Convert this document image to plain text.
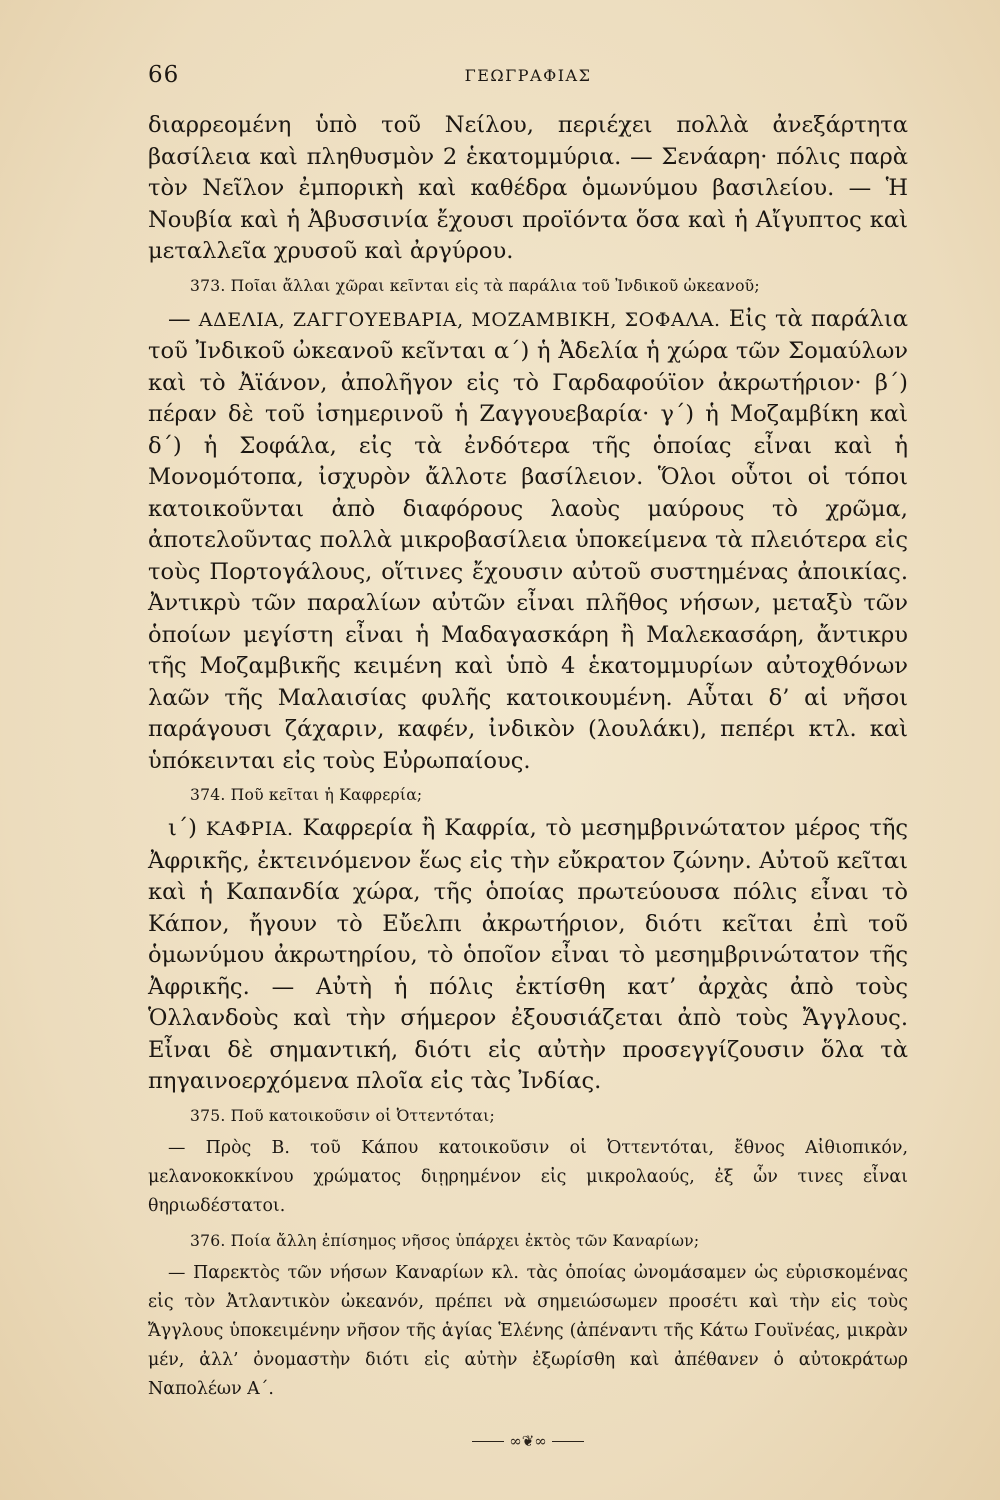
66	ΓΕΩΓΡΑΦΙΑΣ

διαρρεομένη ὑπὸ τοῦ Νείλου, περιέχει πολλὰ ἀνεξάρτητα βασίλεια καὶ πληθυσμὸν 2 ἑκατομμύρια. — Σενάαρη· πόλις παρὰ τὸν Νεῖλον ἐμπορικὴ καὶ καθέδρα ὁμωνύμου βασιλείου. — Ἡ Νουβία καὶ ἡ Ἀβυσσινία ἔχουσι προϊόντα ὅσα καὶ ἡ Αἴγυπτος καὶ μεταλλεῖα χρυσοῦ καὶ ἀργύρου.

373. Ποῖαι ἄλλαι χῶραι κεῖνται εἰς τὰ παράλια τοῦ Ἰνδικοῦ ὠκεανοῦ;

— ΑΔΕΛΙΑ, ΖΑΓΓΟΥΕΒΑΡΙΑ, ΜΟΖΑΜΒΙΚΗ, ΣΟΦΑΛΑ. Εἰς τὰ παράλια τοῦ Ἰνδικοῦ ὠκεανοῦ κεῖνται α΄) ἡ Ἀδελία ἡ χώρα τῶν Σομαύλων καὶ τὸ Ἀϊάνον, ἀπολῆγον εἰς τὸ Γαρδαφούϊον ἀκρωτήριον· β΄) πέραν δὲ τοῦ ἰσημερινοῦ ἡ Ζαγγουεβαρία· γ΄) ἡ Μοζαμβίκη καὶ δ΄) ἡ Σοφάλα, εἰς τὰ ἐνδότερα τῆς ὁποίας εἶναι καὶ ἡ Μονομότοπα, ἰσχυρὸν ἄλλοτε βασίλειον. Ὅλοι οὗτοι οἱ τόποι κατοικοῦνται ἀπὸ διαφόρους λαοὺς μαύρους τὸ χρῶμα, ἀποτελοῦντας πολλὰ μικροβασίλεια ὑποκείμενα τὰ πλειότερα εἰς τοὺς Πορτογάλους, οἵτινες ἔχουσιν αὐτοῦ συστημένας ἀποικίας. Ἀντικρὺ τῶν παραλίων αὐτῶν εἶναι πλῆθος νήσων, μεταξὺ τῶν ὁποίων μεγίστη εἶναι ἡ Μαδαγασκάρη ἢ Μαλεκασάρη, ἄντικρυ τῆς Μοζαμβικῆς κειμένη καὶ ὑπὸ 4 ἑκατομμυρίων αὐτοχθόνων λαῶν τῆς Μαλαισίας φυλῆς κατοικουμένη. Αὗται δ’ αἱ νῆσοι παράγουσι ζάχαριν, καφέν, ἰνδικὸν (λουλάκι), πεπέρι κτλ. καὶ ὑπόκεινται εἰς τοὺς Εὐρωπαίους.

374. Ποῦ κεῖται ἡ Καφρερία;

ι΄) ΚΑΦΡΙΑ. Καφρερία ἢ Καφρία, τὸ μεσημβρινώτατον μέρος τῆς Ἀφρικῆς, ἐκτεινόμενον ἕως εἰς τὴν εὔκρατον ζώνην. Αὐτοῦ κεῖται καὶ ἡ Καπανδία χώρα, τῆς ὁποίας πρωτεύουσα πόλις εἶναι τὸ Κάπον, ἤγουν τὸ Εὔελπι ἀκρωτήριον, διότι κεῖται ἐπὶ τοῦ ὁμωνύμου ἀκρωτηρίου, τὸ ὁποῖον εἶναι τὸ μεσημβρινώτατον τῆς Ἀφρικῆς. — Αὐτὴ ἡ πόλις ἐκτίσθη κατ’ ἀρχὰς ἀπὸ τοὺς Ὁλλανδοὺς καὶ τὴν σήμερον ἐξουσιάζεται ἀπὸ τοὺς Ἄγγλους. Εἶναι δὲ σημαντική, διότι εἰς αὐτὴν προσεγγίζουσιν ὅλα τὰ πηγαινοερχόμενα πλοῖα εἰς τὰς Ἰνδίας.

375. Ποῦ κατοικοῦσιν οἱ Ὀττεντόται;

— Πρὸς Β. τοῦ Κάπου κατοικοῦσιν οἱ Ὀττεντόται, ἔθνος Αἰθιοπικόν, μελανοκοκκίνου χρώματος διῃρημένον εἰς μικρολαούς, ἐξ ὧν τινες εἶναι θηριωδέστατοι.

376. Ποία ἄλλη ἐπίσημος νῆσος ὑπάρχει ἐκτὸς τῶν Καναρίων;

— Παρεκτὸς τῶν νήσων Καναρίων κλ. τὰς ὁποίας ὠνομάσαμεν ὡς εὑρισκομένας εἰς τὸν Ἀτλαντικὸν ὠκεανόν, πρέπει νὰ σημειώσωμεν προσέτι καὶ τὴν εἰς τοὺς Ἄγγλους ὑποκειμένην νῆσον τῆς ἁγίας Ἑλένης (ἀπέναντι τῆς Κάτω Γουϊνέας, μικρὰν μέν, ἀλλ’ ὀνομαστὴν διότι εἰς αὐτὴν ἐξωρίσθη καὶ ἀπέθανεν ὁ αὐτοκράτωρ Ναπολέων Α΄.

∞❦∞
